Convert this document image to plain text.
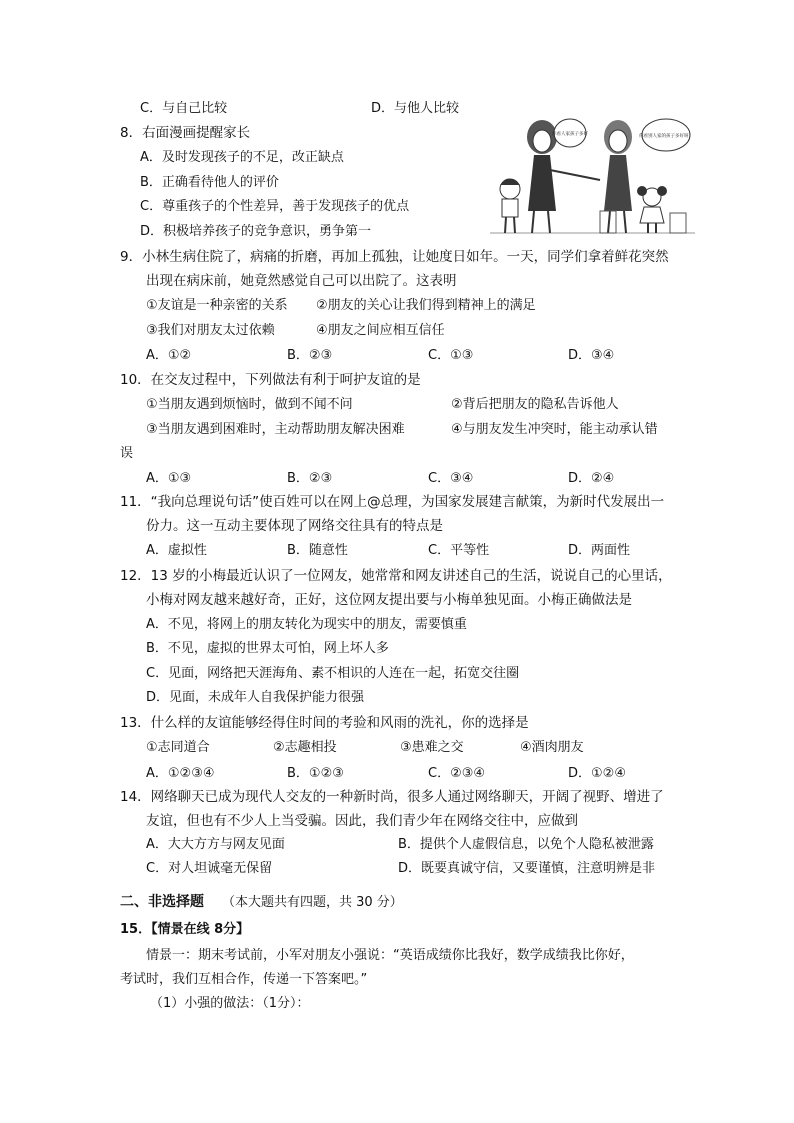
C．与自己比较	D．与他人比较
8．右面漫画提醒家长
A．及时发现孩子的不足，改正缺点
B．正确看待他人的评价
C．尊重孩子的个性差异，善于发现孩子的优点
D．积极培养孩子的竞争意识，勇争第一
你看人家孩子多好	你看别人家的孩子多好呀！
9．小林生病住院了，病痛的折磨，再加上孤独，让她度日如年。一天，同学们拿着鲜花突然
出现在病床前，她竟然感觉自己可以出院了。这表明
①友谊是一种亲密的关系 ②朋友的关心让我们得到精神上的满足
③我们对朋友太过依赖	④朋友之间应相互信任
A．①②	B．②③	C．①③	D．③④
10．在交友过程中，下列做法有利于呵护友谊的是
①当朋友遇到烦恼时，做到不闻不问	②背后把朋友的隐私告诉他人
③当朋友遇到困难时，主动帮助朋友解决困难	④与朋友发生冲突时，能主动承认错
误
A．①③	B．②③	C．③④	D．②④
11．“我向总理说句话”使百姓可以在网上@总理，为国家发展建言献策，为新时代发展出一
份力。这一互动主要体现了网络交往具有的特点是
A．虚拟性	B．随意性	C．平等性	D．两面性
12．13 岁的小梅最近认识了一位网友，她常常和网友讲述自己的生活，说说自己的心里话，
小梅对网友越来越好奇，正好，这位网友提出要与小梅单独见面。小梅正确做法是
A．不见，将网上的朋友转化为现实中的朋友，需要慎重
B．不见，虚拟的世界太可怕，网上坏人多
C．见面，网络把天涯海角、素不相识的人连在一起，拓宽交往圈
D．见面，未成年人自我保护能力很强
13．什么样的友谊能够经得住时间的考验和风雨的洗礼，你的选择是
①志同道合	②志趣相投	③患难之交	④酒肉朋友
A．①②③④	B．①②③	C．②③④	D．①②④
14．网络聊天已成为现代人交友的一种新时尚，很多人通过网络聊天，开阔了视野、增进了
友谊，但也有不少人上当受骗。因此，我们青少年在网络交往中，应做到
A．大大方方与网友见面	B．提供个人虚假信息，以免个人隐私被泄露
C．对人坦诚毫无保留	D．既要真诚守信，又要谨慎，注意明辨是非
二、非选择题 （本大题共有四题，共 30 分）
15．【情景在线 8分】
情景一：期末考试前，小军对朋友小强说：“英语成绩你比我好，数学成绩我比你好，
考试时，我们互相合作，传递一下答案吧。”
（1）小强的做法：（1分）：
